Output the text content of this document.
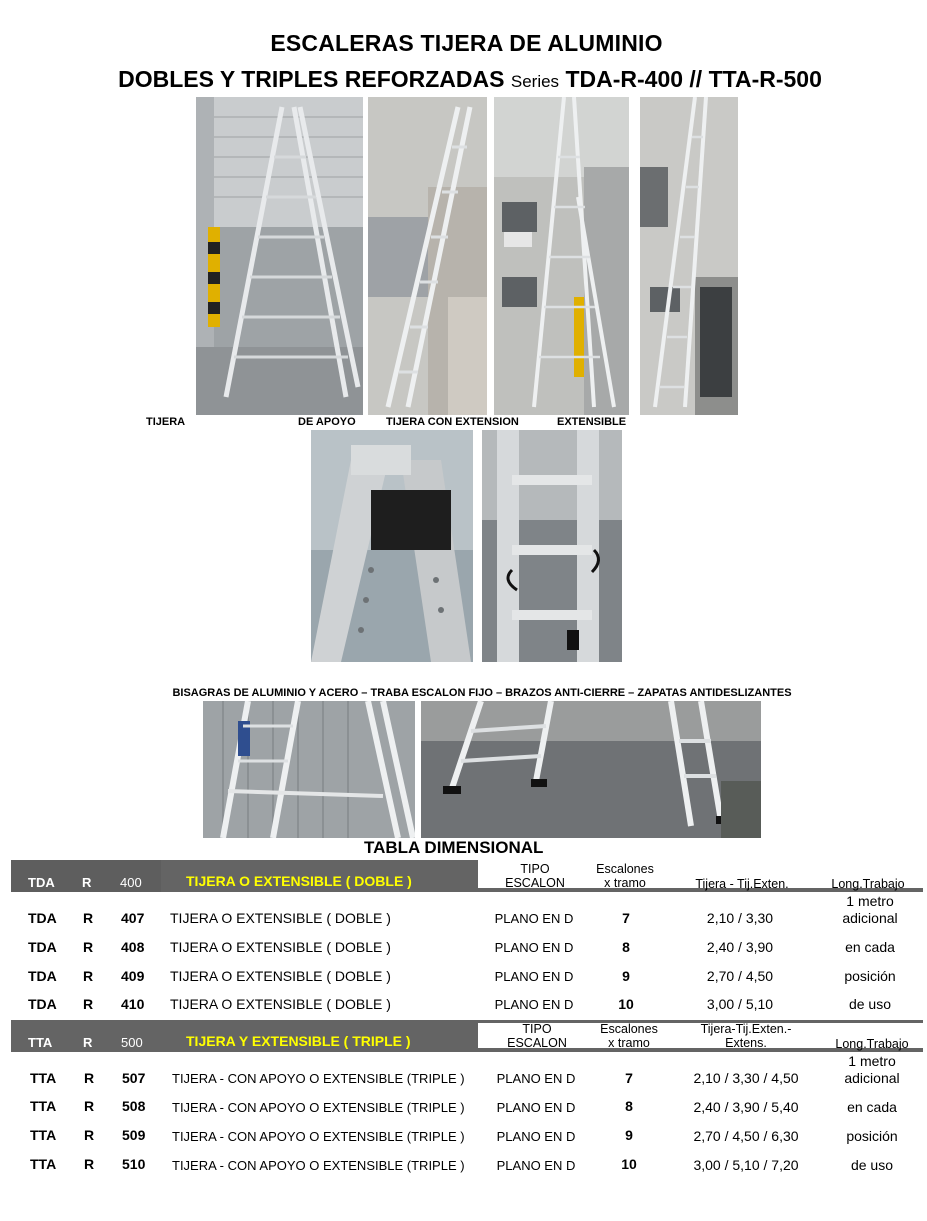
ESCALERAS TIJERA DE ALUMINIO
DOBLES Y TRIPLES REFORZADAS Series TDA-R-400 // TTA-R-500
TIJERA	DE APOYO	TIJERA CON EXTENSION	EXTENSIBLE
BISAGRAS DE ALUMINIO Y ACERO – TRABA ESCALON FIJO – BRAZOS ANTI-CIERRE – ZAPATAS ANTIDESLIZANTES
TABLA DIMENSIONAL
TDA R 400	TIJERA O EXTENSIBLE ( DOBLE )
TIPO
ESCALON
Escalones
x tramo	Tijera - Tij.Exten.	Long.Trabajo
TDA R 407 TIJERA O EXTENSIBLE ( DOBLE )	PLANO EN D	7	2,10 / 3,30
1 metro
adicional
TDA R 408 TIJERA O EXTENSIBLE ( DOBLE )	PLANO EN D	8	2,40 / 3,90	en cada
TDA R 409 TIJERA O EXTENSIBLE ( DOBLE )	PLANO EN D	9	2,70 / 4,50	posición
TDA R 410 TIJERA O EXTENSIBLE ( DOBLE )	PLANO EN D	10	3,00 / 5,10	de uso
TTA R 500	TIJERA Y EXTENSIBLE ( TRIPLE )
TIPO
ESCALON
Escalones
x tramo
Tijera-Tij.Exten.-
Extens.	Long.Trabajo
TTA R 507 TIJERA - CON APOYO O EXTENSIBLE (TRIPLE )	PLANO EN D	7	2,10 / 3,30 / 4,50
1 metro
adicional
TTA R 508 TIJERA - CON APOYO O EXTENSIBLE (TRIPLE )	PLANO EN D	8	2,40 / 3,90 / 5,40	en cada
TTA R 509 TIJERA - CON APOYO O EXTENSIBLE (TRIPLE )	PLANO EN D	9	2,70 / 4,50 / 6,30	posición
TTA R 510 TIJERA - CON APOYO O EXTENSIBLE (TRIPLE )	PLANO EN D	10	3,00 / 5,10 / 7,20	de uso
